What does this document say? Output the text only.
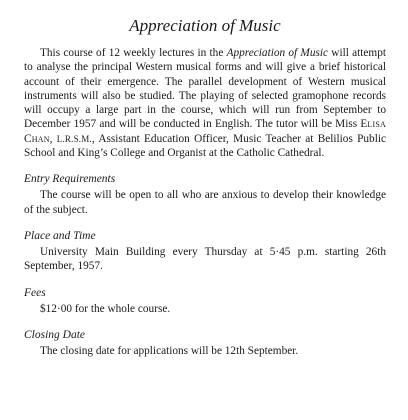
Appreciation of Music

This course of 12 weekly lectures in the Appreciation of Music will attempt to analyse the principal Western musical forms and will give a brief historical account of their emergence. The parallel development of Western musical instruments will also be studied. The playing of selected gramophone records will occupy a large part in the course, which will run from September to December 1957 and will be conducted in English. The tutor will be Miss Elisa Chan, L.R.S.M., Assistant Education Officer, Music Teacher at Belilios Public School and King’s College and Organist at the Catholic Cathedral.

Entry Requirements

The course will be open to all who are anxious to develop their knowledge of the subject.

Place and Time

University Main Building every Thursday at 5·45 p.m. starting 26th September, 1957.

Fees

$12·00 for the whole course.

Closing Date

The closing date for applications will be 12th September.
